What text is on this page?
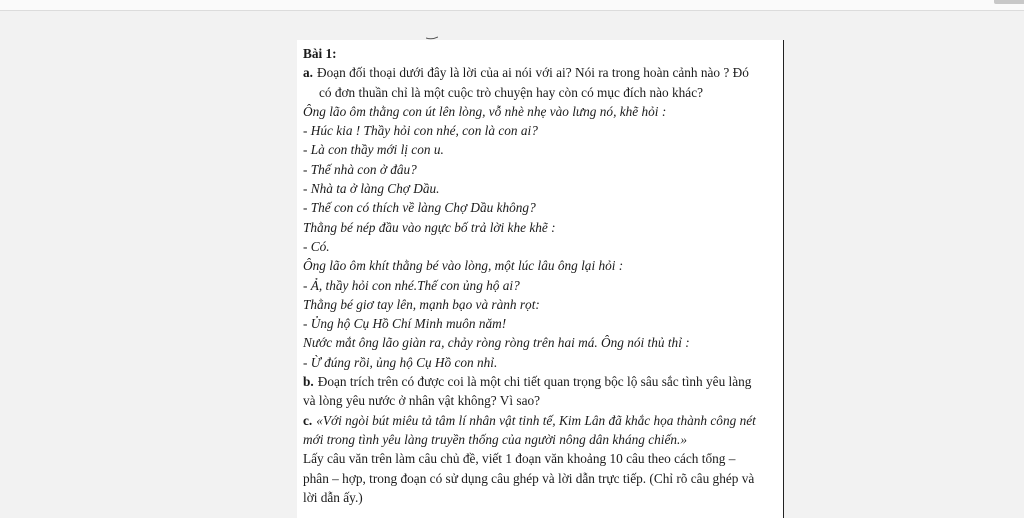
Bài 1:
a. Đoạn đối thoại dưới đây là lời của ai nói với ai? Nói ra trong hoàn cảnh nào ? Đó
có đơn thuần chỉ là một cuộc trò chuyện hay còn có mục đích nào khác?
Ông lão ôm thằng con út lên lòng, vỗ nhè nhẹ vào lưng nó, khẽ hỏi :
- Húc kia ! Thầy hỏi con nhé, con là con ai?
- Là con thầy mới lị con u.
- Thế nhà con ở đâu?
- Nhà ta ở làng Chợ Dầu.
- Thế con có thích về làng Chợ Dầu không?
Thằng bé nép đầu vào ngực bố trả lời khe khẽ :
- Có.
Ông lão ôm khít thằng bé vào lòng, một lúc lâu ông lại hỏi :
- Ả, thầy hỏi con nhé.Thế con ủng hộ ai?
Thằng bé giơ tay lên, mạnh bạo và rành rọt:
- Ủng hộ Cụ Hồ Chí Minh muôn năm!
Nước mắt ông lão giàn ra, chảy ròng ròng trên hai má. Ông nói thủ thỉ :
- Ừ đúng rồi, ủng hộ Cụ Hồ con nhỉ.
b. Đoạn trích trên có được coi là một chi tiết quan trọng bộc lộ sâu sắc tình yêu làng
và lòng yêu nước ở nhân vật không? Vì sao?
c. «Với ngòi bút miêu tả tâm lí nhân vật tinh tế, Kim Lân đã khắc họa thành công nét
mới trong tình yêu làng truyền thống của người nông dân kháng chiến.»
Lấy câu văn trên làm câu chủ đề, viết 1 đoạn văn khoảng 10 câu theo cách tổng –
phân – hợp, trong đoạn có sử dụng câu ghép và lời dẫn trực tiếp. (Chỉ rõ câu ghép và
lời dẫn ấy.)
